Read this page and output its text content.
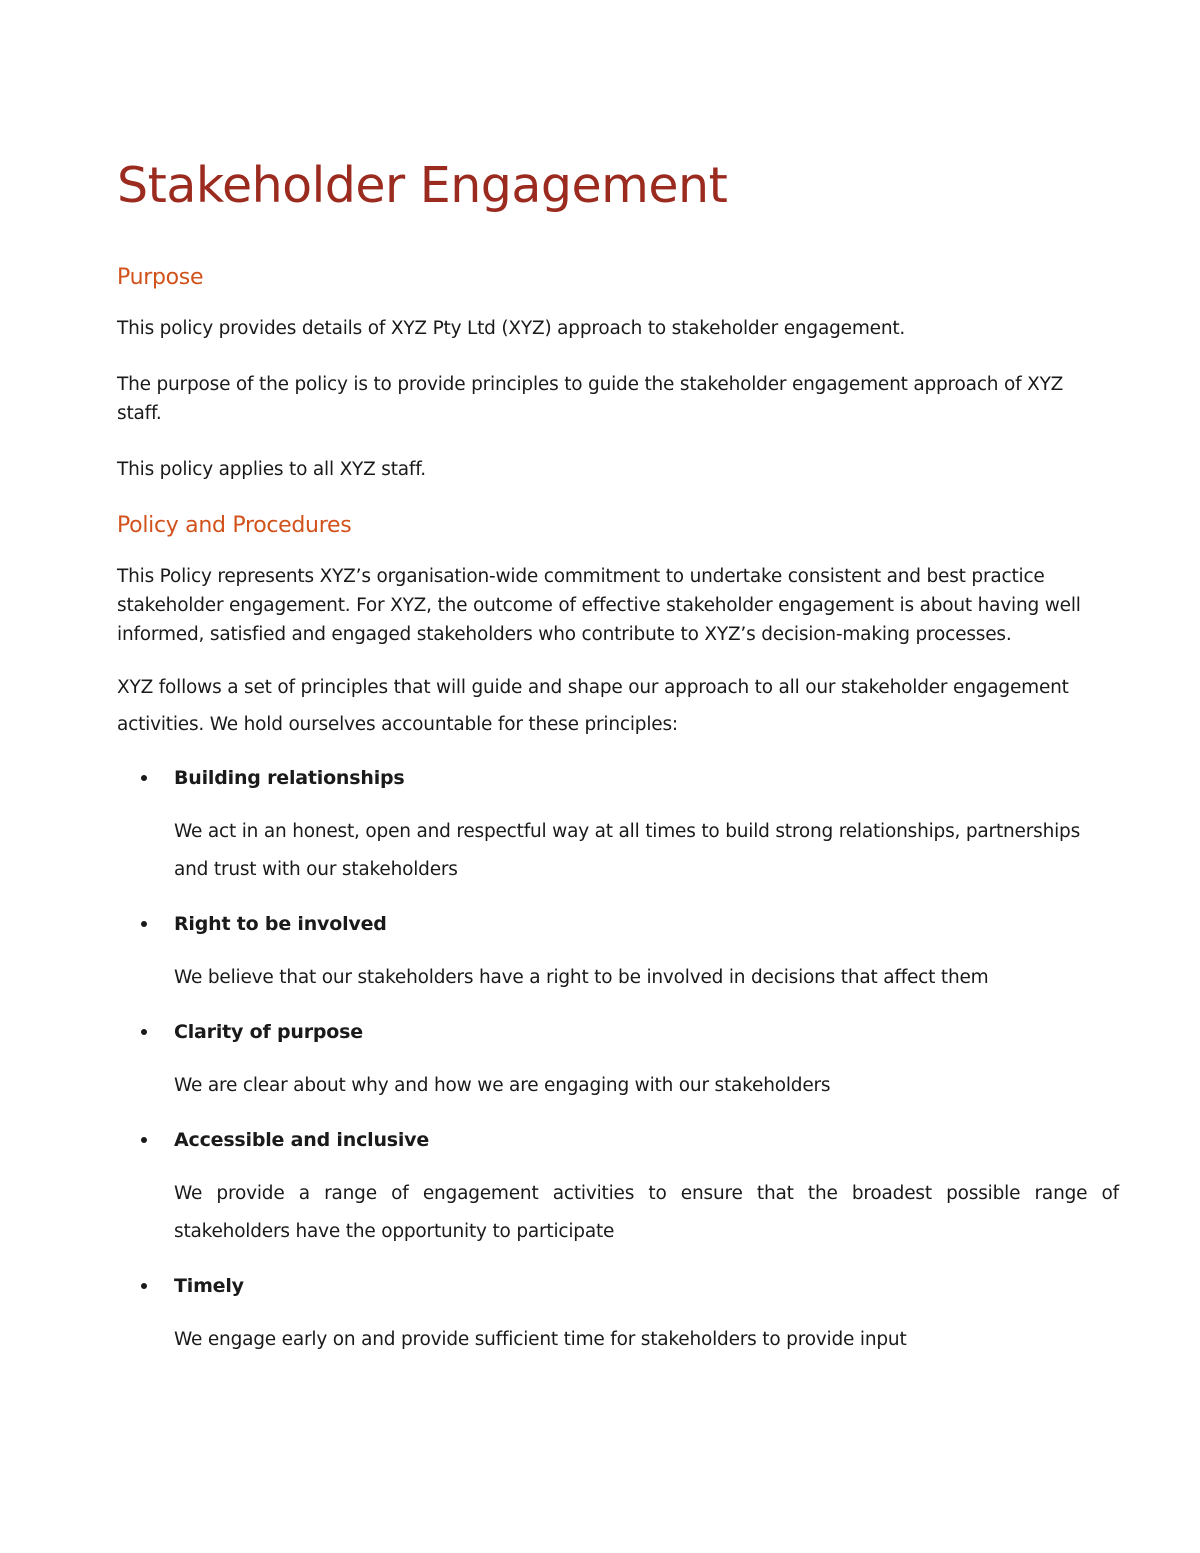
Stakeholder Engagement
Purpose

This policy provides details of XYZ Pty Ltd (XYZ) approach to stakeholder engagement.

The purpose of the policy is to provide principles to guide the stakeholder engagement approach of XYZ staff.

This policy applies to all XYZ staff.

Policy and Procedures

This Policy represents XYZ’s organisation-wide commitment to undertake consistent and best practice stakeholder engagement. For XYZ, the outcome of effective stakeholder engagement is about having well informed, satisfied and engaged stakeholders who contribute to XYZ’s decision-making processes.

XYZ follows a set of principles that will guide and shape our approach to all our stakeholder engagement activities. We hold ourselves accountable for these principles:

Building relationships

We act in an honest, open and respectful way at all times to build strong relationships, partnerships and trust with our stakeholders

Right to be involved

We believe that our stakeholders have a right to be involved in decisions that affect them

Clarity of purpose

We are clear about why and how we are engaging with our stakeholders

Accessible and inclusive

We provide a range of engagement activities to ensure that the broadest possible range of stakeholders have the opportunity to participate

Timely

We engage early on and provide sufficient time for stakeholders to provide input
